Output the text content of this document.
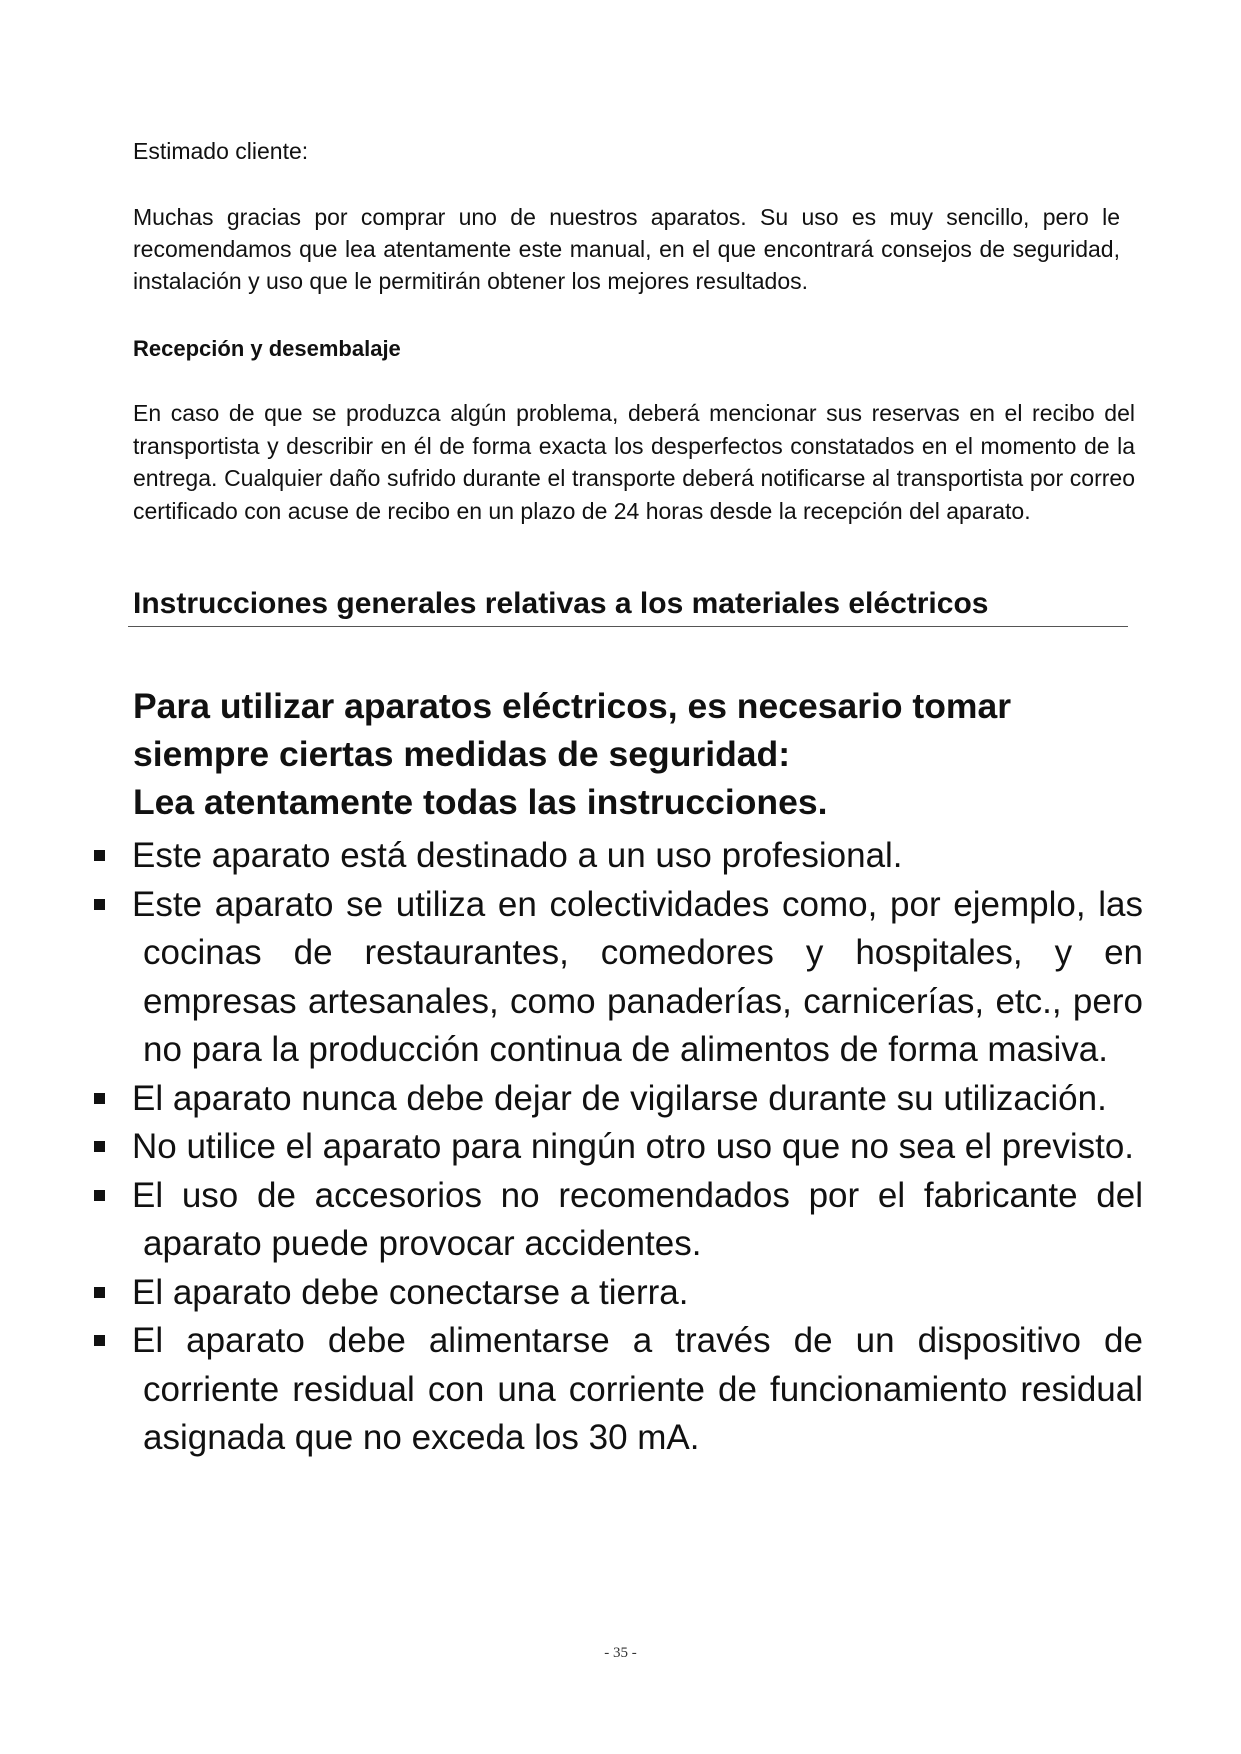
Estimado cliente:
Muchas gracias por comprar uno de nuestros aparatos. Su uso es muy sencillo, pero le recomendamos que lea atentamente este manual, en el que encontrará consejos de seguridad, instalación y uso que le permitirán obtener los mejores resultados.
Recepción y desembalaje
En caso de que se produzca algún problema, deberá mencionar sus reservas en el recibo del transportista y describir en él de forma exacta los desperfectos constatados en el momento de la entrega. Cualquier daño sufrido durante el transporte deberá notificarse al transportista por correo certificado con acuse de recibo en un plazo de 24 horas desde la recepción del aparato.
Instrucciones generales relativas a los materiales eléctricos
Para utilizar aparatos eléctricos, es necesario tomar siempre ciertas medidas de seguridad:
Lea atentamente todas las instrucciones.
Este aparato está destinado a un uso profesional.
Este aparato se utiliza en colectividades como, por ejemplo, las cocinas de restaurantes, comedores y hospitales, y en empresas artesanales, como panaderías, carnicerías, etc., pero no para la producción continua de alimentos de forma masiva.
El aparato nunca debe dejar de vigilarse durante su utilización.
No utilice el aparato para ningún otro uso que no sea el previsto.
El uso de accesorios no recomendados por el fabricante del aparato puede provocar accidentes.
El aparato debe conectarse a tierra.
El aparato debe alimentarse a través de un dispositivo de corriente residual con una corriente de funcionamiento residual asignada que no exceda los 30 mA.
- 35 -
